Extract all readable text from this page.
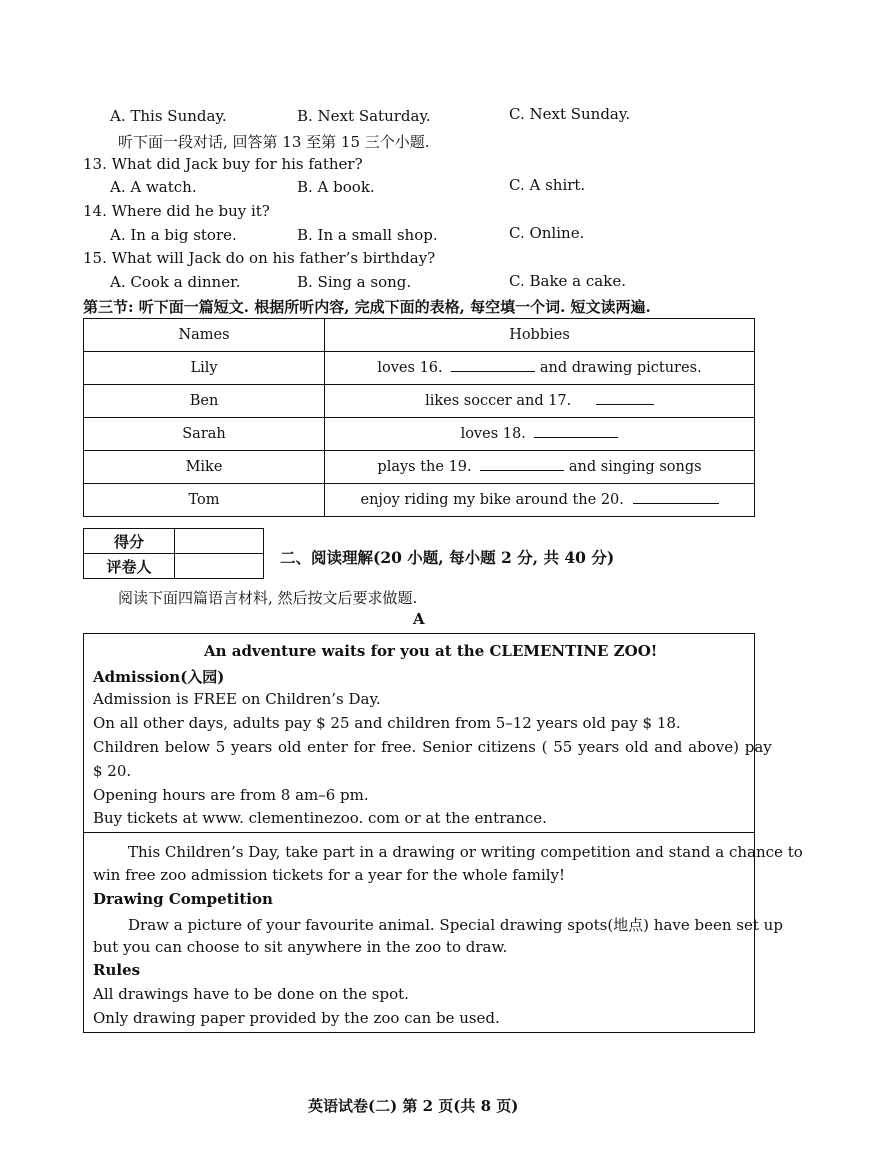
A. This Sunday.	B. Next Saturday.	C. Next Sunday.
听下面一段对话, 回答第 13 至第 15 三个小题.
13. What did Jack buy for his father?
A. A watch.	B. A book.	C. A shirt.
14. Where did he buy it?
A. In a big store.	B. In a small shop.	C. Online.
15. What will Jack do on his father’s birthday?
A. Cook a dinner.	B. Sing a song.	C. Bake a cake.
第三节: 听下面一篇短文. 根据所听内容, 完成下面的表格, 每空填一个词. 短文读两遍.
Names	Hobbies
Lily	loves 16. and drawing pictures.
Ben	likes soccer and 17.
Sarah	loves 18.
Mike	plays the 19. and singing songs
Tom	enjoy riding my bike around the 20.
得分	
评卷人		二、阅读理解(20 小题, 每小题 2 分, 共 40 分)
阅读下面四篇语言材料, 然后按文后要求做题.
A
An adventure waits for you at the CLEMENTINE ZOO!
Admission(入园)
Admission is FREE on Children’s Day.
On all other days, adults pay $ 25 and children from 5–12 years old pay $ 18.
Children below 5 years old enter for free. Senior citizens ( 55 years old and above) pay
$ 20.
Opening hours are from 8 am–6 pm.
Buy tickets at www. clementinezoo. com or at the entrance.
This Children’s Day, take part in a drawing or writing competition and stand a chance to
win free zoo admission tickets for a year for the whole family!
Drawing Competition
Draw a picture of your favourite animal. Special drawing spots(地点) have been set up
but you can choose to sit anywhere in the zoo to draw.
Rules
All drawings have to be done on the spot.
Only drawing paper provided by the zoo can be used.
英语试卷(二) 第 2 页(共 8 页)
